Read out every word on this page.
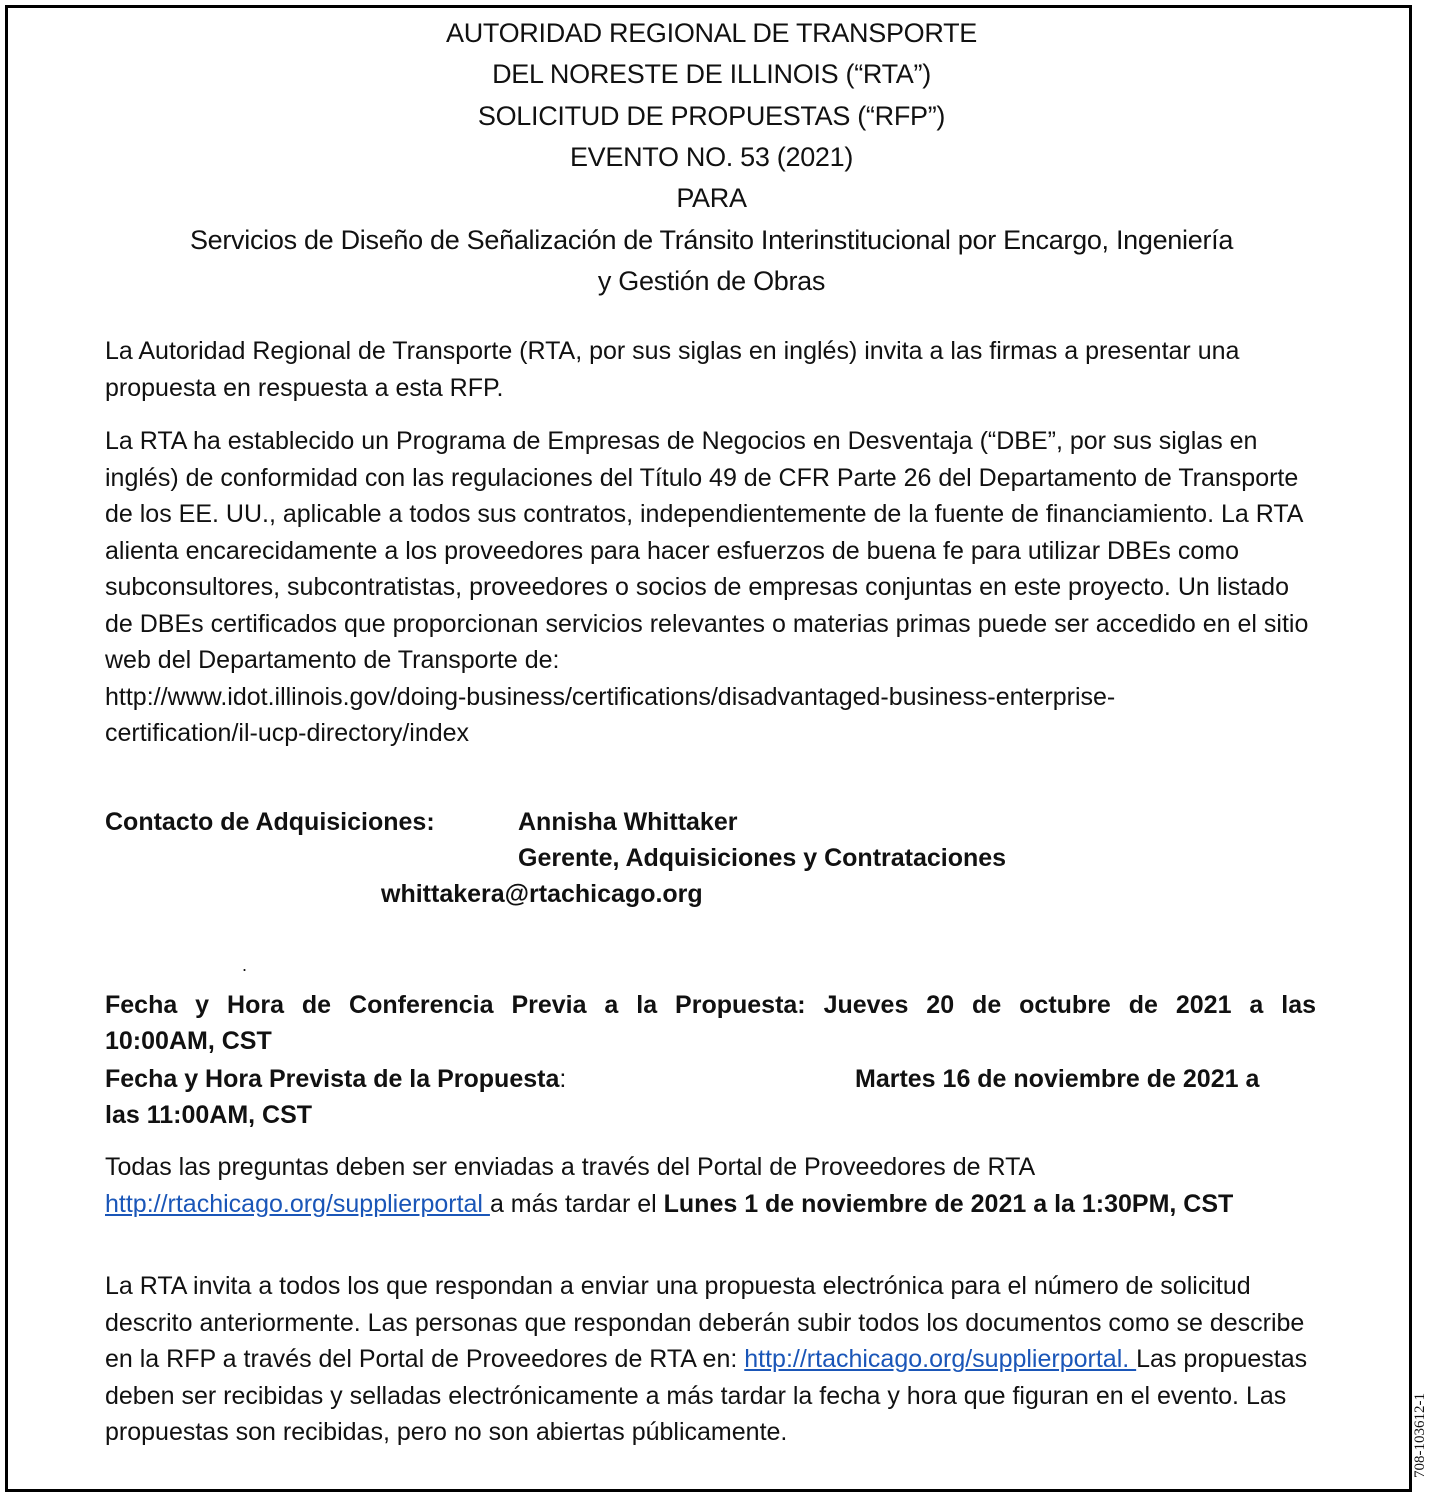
AUTORIDAD REGIONAL DE TRANSPORTE
DEL NORESTE DE ILLINOIS (“RTA”)
SOLICITUD DE PROPUESTAS (“RFP”)
EVENTO NO. 53 (2021)
PARA
Servicios de Diseño de Señalización de Tránsito Interinstitucional por Encargo, Ingeniería
y Gestión de Obras
La Autoridad Regional de Transporte (RTA, por sus siglas en inglés) invita a las firmas a presentar una propuesta en respuesta a esta RFP.
La RTA ha establecido un Programa de Empresas de Negocios en Desventaja (“DBE”, por sus siglas en inglés) de conformidad con las regulaciones del Título 49 de CFR Parte 26 del Departamento de Transporte de los EE. UU., aplicable a todos sus contratos, independientemente de la fuente de financiamiento. La RTA alienta encarecidamente a los proveedores para hacer esfuerzos de buena fe para utilizar DBEs como subconsultores, subcontratistas, proveedores o socios de empresas conjuntas en este proyecto. Un listado de DBEs certificados que proporcionan servicios relevantes o materias primas puede ser accedido en el sitio web del Departamento de Transporte de:
http://www.idot.illinois.gov/doing-business/certifications/disadvantaged-business-enterprise-
certification/il-ucp-directory/index
Contacto de Adquisiciones:	Annisha Whittaker
Gerente, Adquisiciones y Contrataciones
whittakera@rtachicago.org
.
Fecha y Hora de Conferencia Previa a la Propuesta: Jueves 20 de octubre de 2021 a las
10:00AM, CST
Fecha y Hora Prevista de la Propuesta:	Martes 16 de noviembre de 2021 a
las 11:00AM, CST
Todas las preguntas deben ser enviadas a través del Portal de Proveedores de RTA
http://rtachicago.org/supplierportal a más tardar el Lunes 1 de noviembre de 2021 a la 1:30PM, CST
La RTA invita a todos los que respondan a enviar una propuesta electrónica para el número de solicitud descrito anteriormente. Las personas que respondan deberán subir todos los documentos como se describe en la RFP a través del Portal de Proveedores de RTA en: http://rtachicago.org/supplierportal. Las propuestas deben ser recibidas y selladas electrónicamente a más tardar la fecha y hora que figuran en el evento. Las propuestas son recibidas, pero no son abiertas públicamente.	708-103612-1
